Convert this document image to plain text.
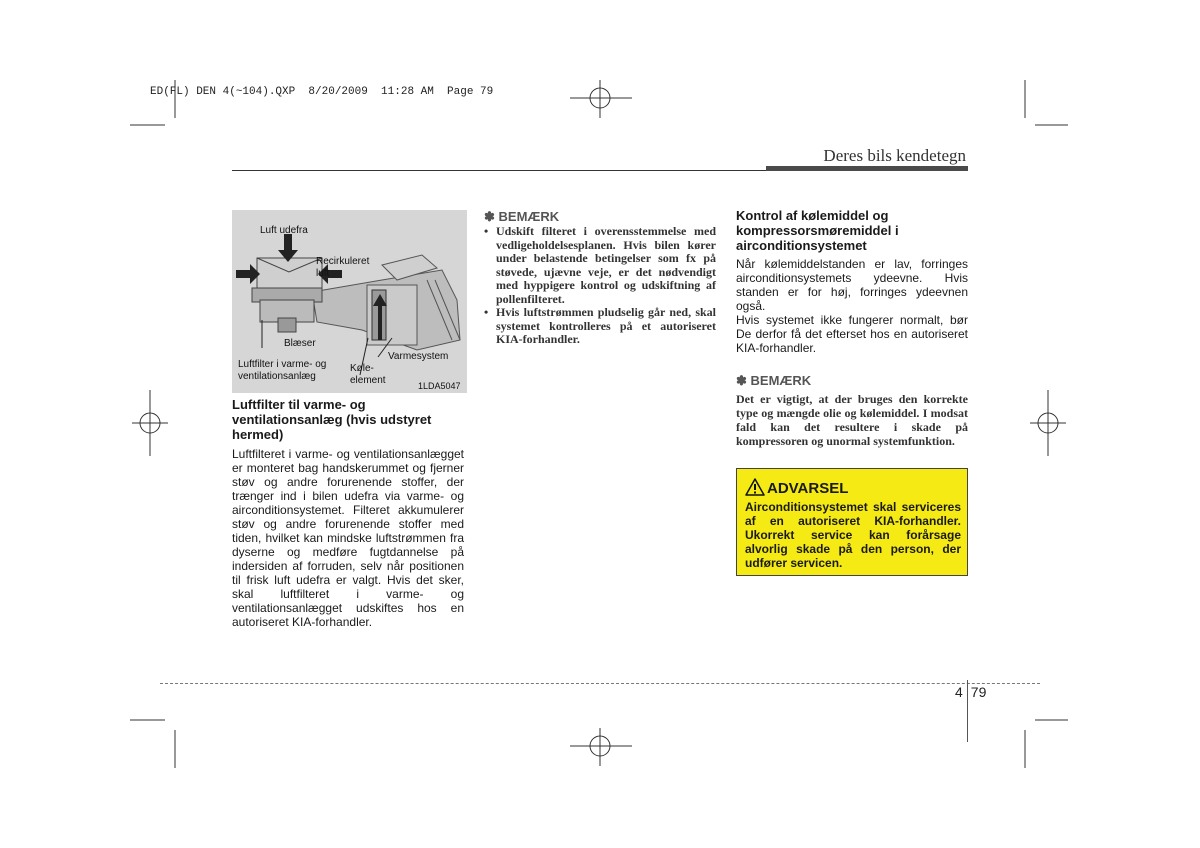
ED(FL) DEN 4(~104).QXP  8/20/2009  11:28 AM  Page 79
Deres bils kendetegn
Luft udefra
Recirkuleret
luft
Blæser
Luftfilter i varme- og
ventilationsanlæg
Køle-
element
Varmesystem
1LDA5047
Luftfilter til varme- og ventilationsanlæg (hvis udstyret hermed)
Luftfilteret i varme- og ventilationsanlægget er monteret bag handskerummet og fjerner støv og andre forurenende stoffer, der trænger ind i bilen udefra via varme- og airconditionsystemet. Filteret akkumulerer støv og andre forurenende stoffer med tiden, hvilket kan mindske luftstrømmen fra dyserne og medføre fugtdannelse på indersiden af forruden, selv når positionen til frisk luft udefra er valgt. Hvis det sker, skal luftfilteret i varme- og ventilationsanlægget udskiftes hos en autoriseret KIA-forhandler.
✽ BEMÆRK
• Udskift filteret i overensstemmelse med vedligeholdelsesplanen. Hvis bilen kører under belastende betingelser som fx på støvede, ujævne veje, er det nødvendigt med hyppigere kontrol og udskiftning af pollenfilteret.
• Hvis luftstrømmen pludselig går ned, skal systemet kontrolleres på et autoriseret KIA-forhandler.
Kontrol af kølemiddel og kompressorsmøremiddel i airconditionsystemet
Når kølemiddelstanden er lav, forringes airconditionsystemets ydeevne. Hvis standen er for høj, forringes ydeevnen også.
Hvis systemet ikke fungerer normalt, bør De derfor få det efterset hos en autoriseret KIA-forhandler.
✽ BEMÆRK

Det er vigtigt, at der bruges den korrekte type og mængde olie og kølemiddel. I modsat fald kan det resultere i skade på kompressoren og unormal systemfunktion.

ADVARSEL
Airconditionsystemet skal serviceres af en autoriseret KIA-forhandler. Ukorrekt service kan forårsage alvorlig skade på den person, der udfører servicen.
4 79
